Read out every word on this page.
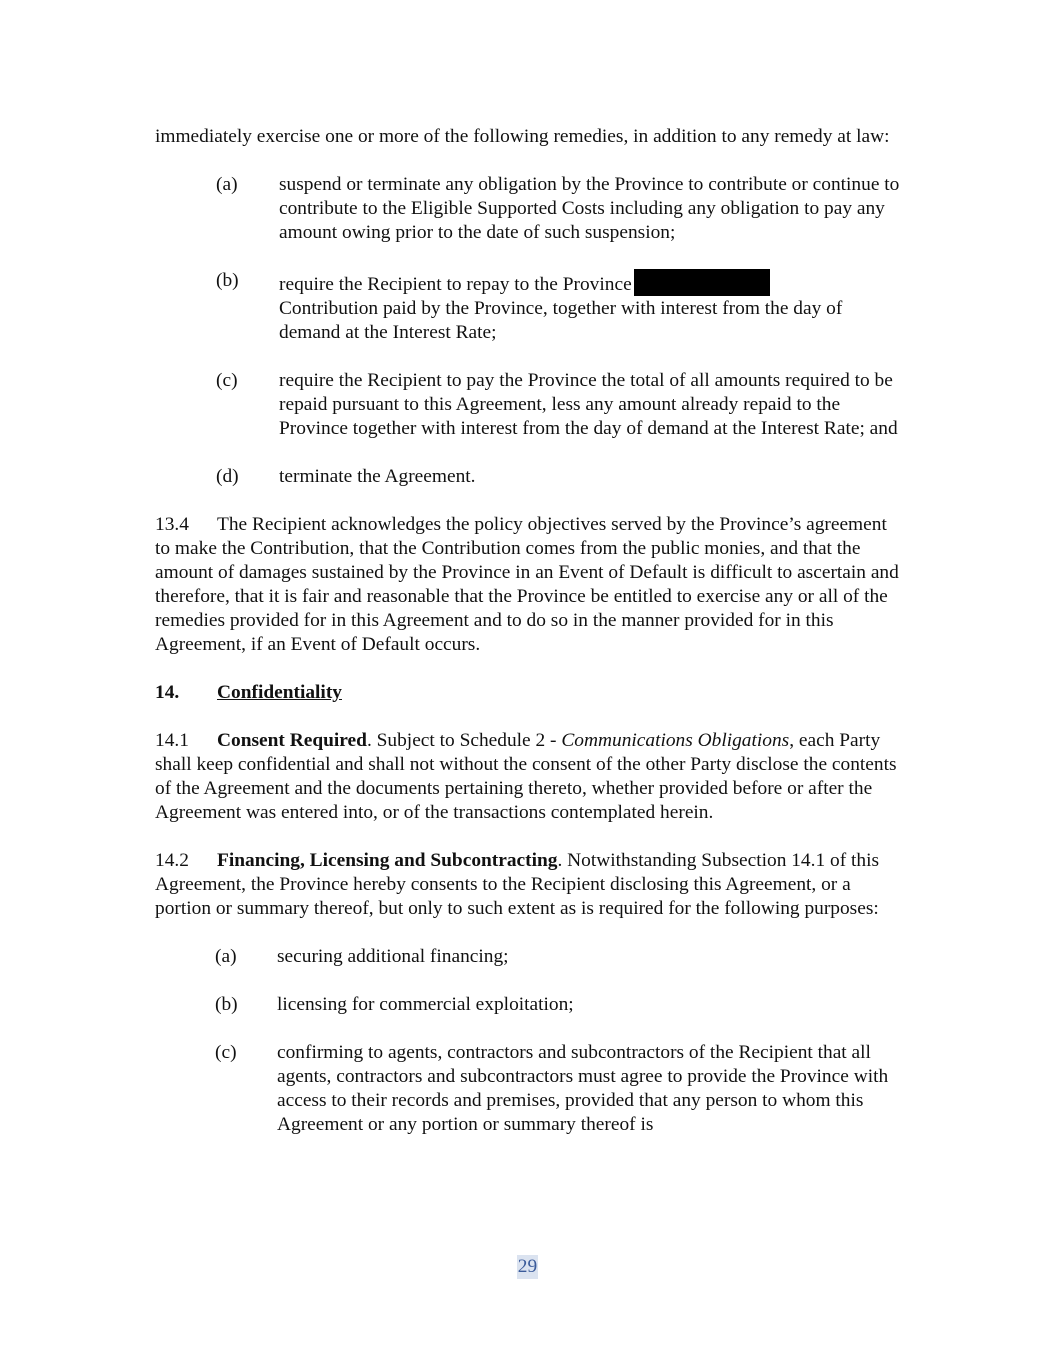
immediately exercise one or more of the following remedies, in addition to any remedy at law:

(a) suspend or terminate any obligation by the Province to contribute or continue to contribute to the Eligible Supported Costs including any obligation to pay any amount owing prior to the date of such suspension;
(b) require the Recipient to repay to the Province
Contribution paid by the Province, together with interest from the day of demand at the Interest Rate;
(c) require the Recipient to pay the Province the total of all amounts required to be repaid pursuant to this Agreement, less any amount already repaid to the Province together with interest from the day of demand at the Interest Rate; and
(d) terminate the Agreement.

13.4 The Recipient acknowledges the policy objectives served by the Province’s agreement to make the Contribution, that the Contribution comes from the public monies, and that the amount of damages sustained by the Province in an Event of Default is difficult to ascertain and therefore, that it is fair and reasonable that the Province be entitled to exercise any or all of the remedies provided for in this Agreement and to do so in the manner provided for in this Agreement, if an Event of Default occurs.

14. Confidentiality

14.1 Consent Required. Subject to Schedule 2 - Communications Obligations, each Party shall keep confidential and shall not without the consent of the other Party disclose the contents of the Agreement and the documents pertaining thereto, whether provided before or after the Agreement was entered into, or of the transactions contemplated herein.

14.2 Financing, Licensing and Subcontracting. Notwithstanding Subsection 14.1 of this Agreement, the Province hereby consents to the Recipient disclosing this Agreement, or a portion or summary thereof, but only to such extent as is required for the following purposes:

(a) securing additional financing;
(b) licensing for commercial exploitation;
(c) confirming to agents, contractors and subcontractors of the Recipient that all agents, contractors and subcontractors must agree to provide the Province with access to their records and premises, provided that any person to whom this Agreement or any portion or summary thereof is
29
